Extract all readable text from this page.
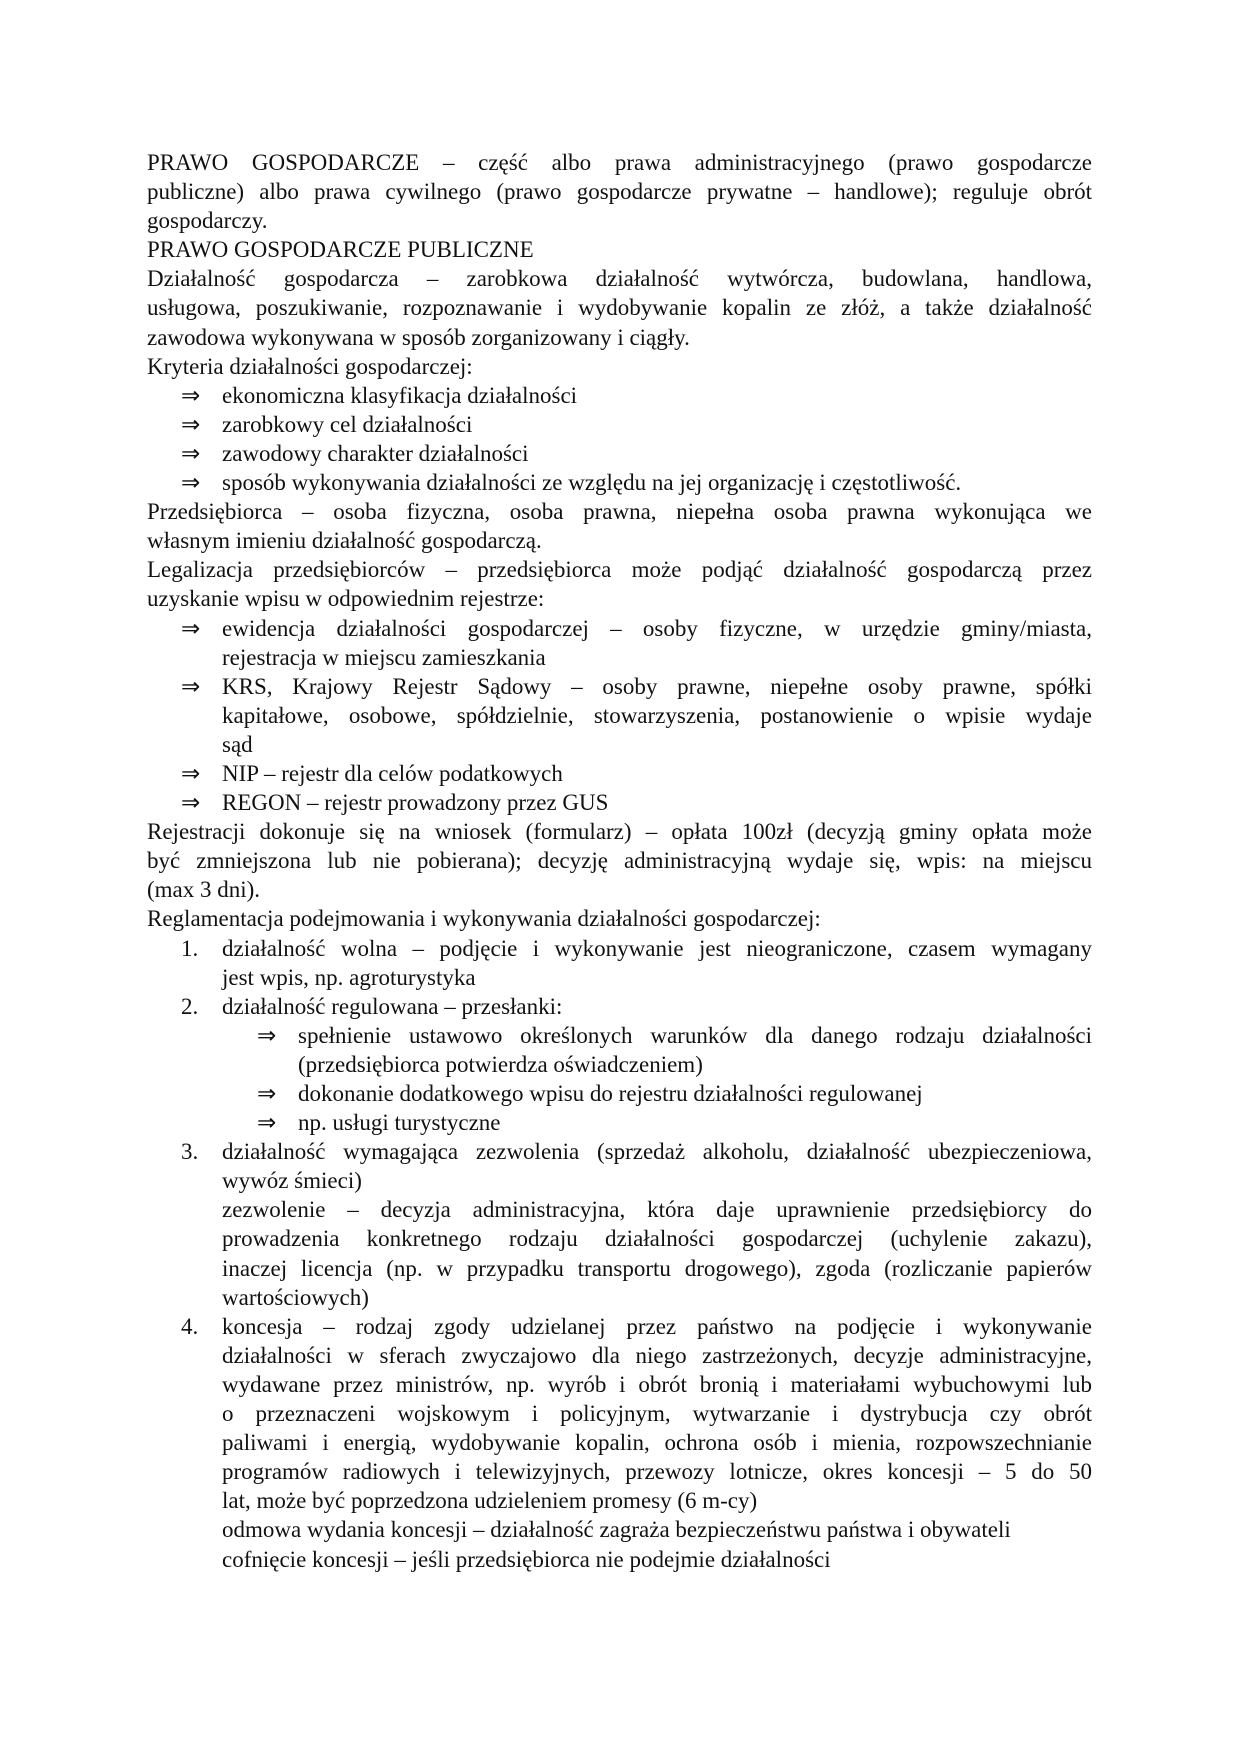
PRAWO GOSPODARCZE – część albo prawa administracyjnego (prawo gospodarcze
publiczne) albo prawa cywilnego (prawo gospodarcze prywatne – handlowe); reguluje obrót
gospodarczy.
PRAWO GOSPODARCZE PUBLICZNE
Działalność gospodarcza – zarobkowa działalność wytwórcza, budowlana, handlowa,
usługowa, poszukiwanie, rozpoznawanie i wydobywanie kopalin ze złóż, a także działalność
zawodowa wykonywana w sposób zorganizowany i ciągły.
Kryteria działalności gospodarczej:
⇒ ekonomiczna klasyfikacja działalności
⇒ zarobkowy cel działalności
⇒ zawodowy charakter działalności
⇒ sposób wykonywania działalności ze względu na jej organizację i częstotliwość.
Przedsiębiorca – osoba fizyczna, osoba prawna, niepełna osoba prawna wykonująca we
własnym imieniu działalność gospodarczą.
Legalizacja przedsiębiorców – przedsiębiorca może podjąć działalność gospodarczą przez
uzyskanie wpisu w odpowiednim rejestrze:
⇒ ewidencja działalności gospodarczej – osoby fizyczne, w urzędzie gminy/miasta,
rejestracja w miejscu zamieszkania
⇒ KRS, Krajowy Rejestr Sądowy – osoby prawne, niepełne osoby prawne, spółki
kapitałowe, osobowe, spółdzielnie, stowarzyszenia, postanowienie o wpisie wydaje
sąd
⇒ NIP – rejestr dla celów podatkowych
⇒ REGON – rejestr prowadzony przez GUS
Rejestracji dokonuje się na wniosek (formularz) – opłata 100zł (decyzją gminy opłata może
być zmniejszona lub nie pobierana); decyzję administracyjną wydaje się, wpis: na miejscu
(max 3 dni).
Reglamentacja podejmowania i wykonywania działalności gospodarczej:
1. działalność wolna – podjęcie i wykonywanie jest nieograniczone, czasem wymagany
jest wpis, np. agroturystyka
2. działalność regulowana – przesłanki:
⇒ spełnienie ustawowo określonych warunków dla danego rodzaju działalności
(przedsiębiorca potwierdza oświadczeniem)
⇒ dokonanie dodatkowego wpisu do rejestru działalności regulowanej
⇒ np. usługi turystyczne
3. działalność wymagająca zezwolenia (sprzedaż alkoholu, działalność ubezpieczeniowa,
wywóz śmieci)
zezwolenie – decyzja administracyjna, która daje uprawnienie przedsiębiorcy do
prowadzenia konkretnego rodzaju działalności gospodarczej (uchylenie zakazu),
inaczej licencja (np. w przypadku transportu drogowego), zgoda (rozliczanie papierów
wartościowych)
4. koncesja – rodzaj zgody udzielanej przez państwo na podjęcie i wykonywanie
działalności w sferach zwyczajowo dla niego zastrzeżonych, decyzje administracyjne,
wydawane przez ministrów, np. wyrób i obrót bronią i materiałami wybuchowymi lub
o przeznaczeni wojskowym i policyjnym, wytwarzanie i dystrybucja czy obrót
paliwami i energią, wydobywanie kopalin, ochrona osób i mienia, rozpowszechnianie
programów radiowych i telewizyjnych, przewozy lotnicze, okres koncesji – 5 do 50
lat, może być poprzedzona udzieleniem promesy (6 m-cy)
odmowa wydania koncesji – działalność zagraża bezpieczeństwu państwa i obywateli
cofnięcie koncesji – jeśli przedsiębiorca nie podejmie działalności
